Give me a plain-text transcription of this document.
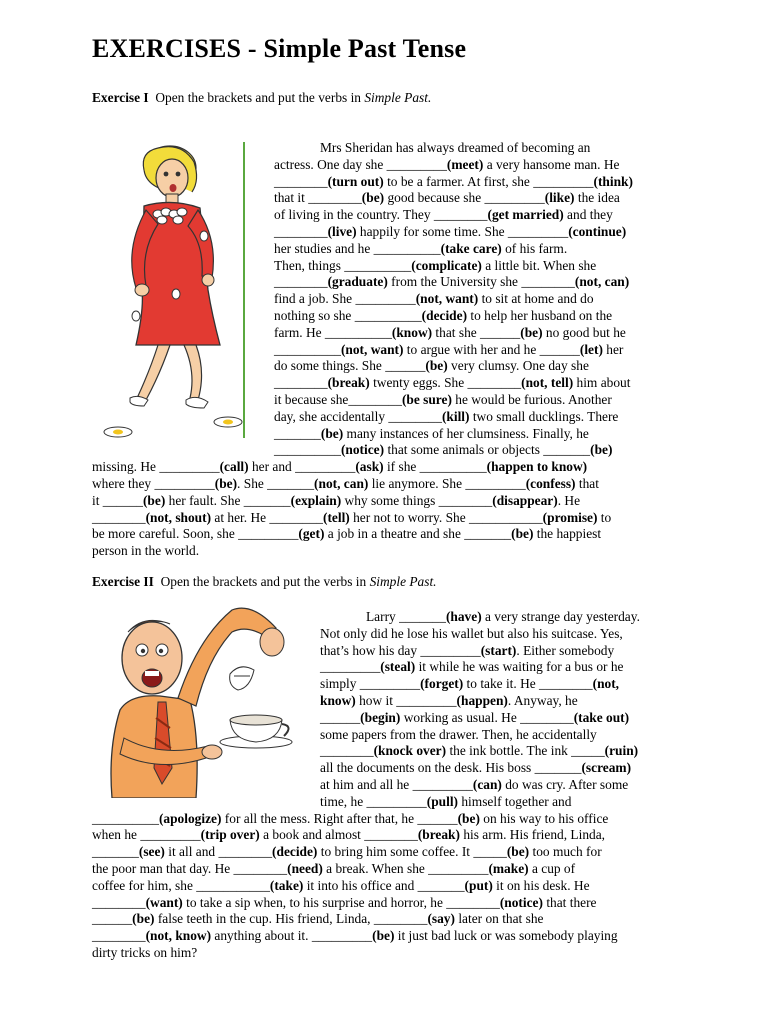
EXERCISES - Simple Past Tense
Exercise I Open the brackets and put the verbs in Simple Past.
Mrs Sheridan has always dreamed of becoming an
actress. One day she _________(meet) a very hansome man. He
________(turn out) to be a farmer. At first, she _________(think)
that it ________(be) good because she _________(like) the idea
of living in the country. They ________(get married) and they
________(live) happily for some time. She _________(continue)
her studies and he __________(take care) of his farm.
Then, things __________(complicate) a little bit. When she
________(graduate) from the University she ________(not, can)
find a job. She _________(not, want) to sit at home and do
nothing so she __________(decide) to help her husband on the
farm. He __________(know) that she ______(be) no good but he
__________(not, want) to argue with her and he ______(let) her
do some things. She ______(be) very clumsy. One day she
________(break) twenty eggs. She ________(not, tell) him about
it because she________(be sure) he would be furious. Another
day, she accidentally ________(kill) two small ducklings. There
_______(be) many instances of her clumsiness. Finally, he
__________(notice) that some animals or objects _______(be)
missing. He _________(call) her and _________(ask) if she __________(happen to know)
where they _________(be). She _______(not, can) lie anymore. She _________(confess) that
it ______(be) her fault. She _______(explain) why some things ________(disappear). He
________(not, shout) at her. He ________(tell) her not to worry. She ___________(promise) to
be more careful. Soon, she _________(get) a job in a theatre and she _______(be) the happiest
person in the world.
Exercise II Open the brackets and put the verbs in Simple Past.
Larry _______(have) a very strange day yesterday.
Not only did he lose his wallet but also his suitcase. Yes,
that’s how his day _________(start). Either somebody
_________(steal) it while he was waiting for a bus or he
simply _________(forget) to take it. He ________(not,
know) how it _________(happen). Anyway, he
______(begin) working as usual. He ________(take out)
some papers from the drawer. Then, he accidentally
________(knock over) the ink bottle. The ink _____(ruin)
all the documents on the desk. His boss _______(scream)
at him and all he _________(can) do was cry. After some
time, he _________(pull) himself together and
__________(apologize) for all the mess. Right after that, he ______(be) on his way to his office
when he _________(trip over) a book and almost ________(break) his arm. His friend, Linda,
_______(see) it all and ________(decide) to bring him some coffee. It _____(be) too much for
the poor man that day. He ________(need) a break. When she _________(make) a cup of
coffee for him, she ___________(take) it into his office and _______(put) it on his desk. He
________(want) to take a sip when, to his surprise and horror, he ________(notice) that there
______(be) false teeth in the cup. His friend, Linda, ________(say) later on that she
________(not, know) anything about it. _________(be) it just bad luck or was somebody playing
dirty tricks on him?
